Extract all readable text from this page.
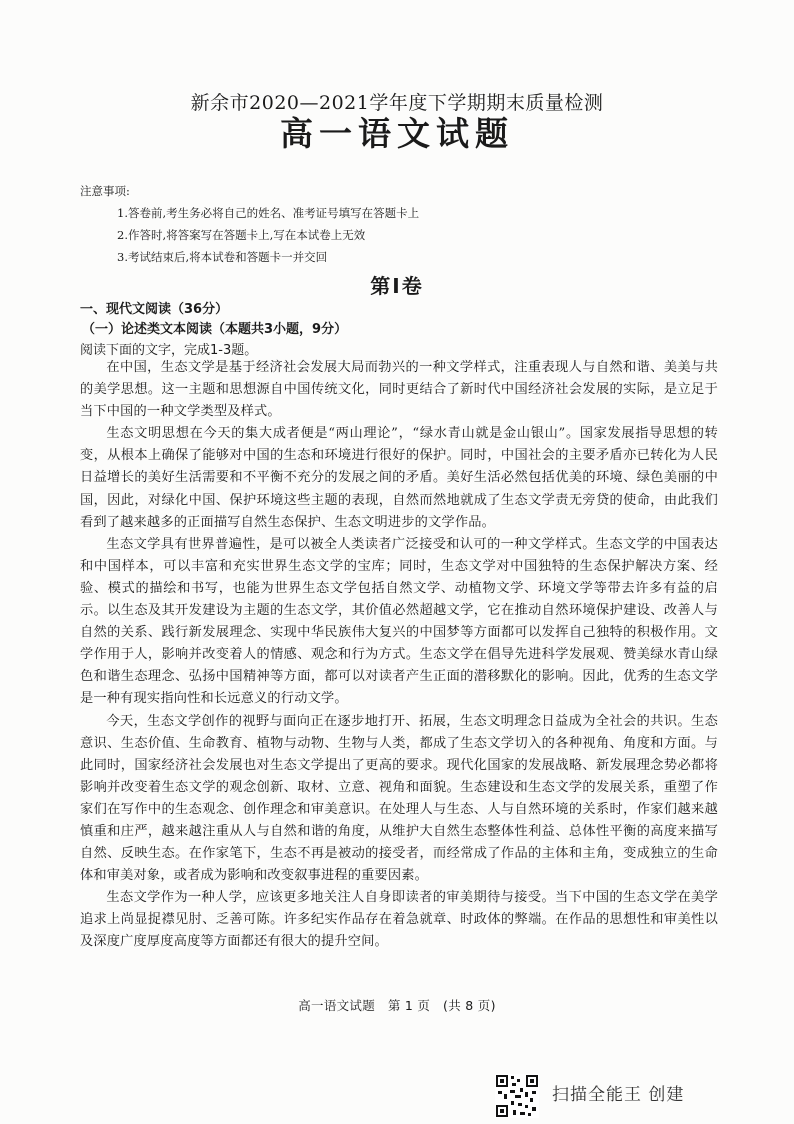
新余市2020—2021学年度下学期期末质量检测
高一语文试题
注意事项:
1.答卷前,考生务必将自己的姓名、准考证号填写在答题卡上
2.作答时,将答案写在答题卡上,写在本试卷上无效
3.考试结束后,将本试卷和答题卡一并交回
第Ⅰ卷
一、现代文阅读（36分）
（一）论述类文本阅读（本题共3小题，9分）
阅读下面的文字，完成1-3题。

在中国，生态文学是基于经济社会发展大局而勃兴的一种文学样式，注重表现人与自然和谐、美美与共的美学思想。这一主题和思想源自中国传统文化，同时更结合了新时代中国经济社会发展的实际，是立足于当下中国的一种文学类型及样式。

生态文明思想在今天的集大成者便是“两山理论”，“绿水青山就是金山银山”。国家发展指导思想的转变，从根本上确保了能够对中国的生态和环境进行很好的保护。同时，中国社会的主要矛盾亦已转化为人民日益增长的美好生活需要和不平衡不充分的发展之间的矛盾。美好生活必然包括优美的环境、绿色美丽的中国，因此，对绿化中国、保护环境这些主题的表现，自然而然地就成了生态文学责无旁贷的使命，由此我们看到了越来越多的正面描写自然生态保护、生态文明进步的文学作品。

生态文学具有世界普遍性，是可以被全人类读者广泛接受和认可的一种文学样式。生态文学的中国表达和中国样本，可以丰富和充实世界生态文学的宝库；同时，生态文学对中国独特的生态保护解决方案、经验、模式的描绘和书写，也能为世界生态文学包括自然文学、动植物文学、环境文学等带去许多有益的启示。以生态及其开发建设为主题的生态文学，其价值必然超越文学，它在推动自然环境保护建设、改善人与自然的关系、践行新发展理念、实现中华民族伟大复兴的中国梦等方面都可以发挥自己独特的积极作用。文学作用于人，影响并改变着人的情感、观念和行为方式。生态文学在倡导先进科学发展观、赞美绿水青山绿色和谐生态理念、弘扬中国精神等方面，都可以对读者产生正面的潜移默化的影响。因此，优秀的生态文学是一种有现实指向性和长远意义的行动文学。

今天，生态文学创作的视野与面向正在逐步地打开、拓展，生态文明理念日益成为全社会的共识。生态意识、生态价值、生命教育、植物与动物、生物与人类，都成了生态文学切入的各种视角、角度和方面。与此同时，国家经济社会发展也对生态文学提出了更高的要求。现代化国家的发展战略、新发展理念势必都将影响并改变着生态文学的观念创新、取材、立意、视角和面貌。生态建设和生态文学的发展关系，重塑了作家们在写作中的生态观念、创作理念和审美意识。在处理人与生态、人与自然环境的关系时，作家们越来越慎重和庄严，越来越注重从人与自然和谐的角度，从维护大自然生态整体性利益、总体性平衡的高度来描写自然、反映生态。在作家笔下，生态不再是被动的接受者，而经常成了作品的主体和主角，变成独立的生命体和审美对象，或者成为影响和改变叙事进程的重要因素。

生态文学作为一种人学，应该更多地关注人自身即读者的审美期待与接受。当下中国的生态文学在美学追求上尚显捉襟见肘、乏善可陈。许多纪实作品存在着急就章、时政体的弊端。在作品的思想性和审美性以及深度广度厚度高度等方面都还有很大的提升空间。

高一语文试题　第 1 页　(共 8 页)
扫描全能王 创建
